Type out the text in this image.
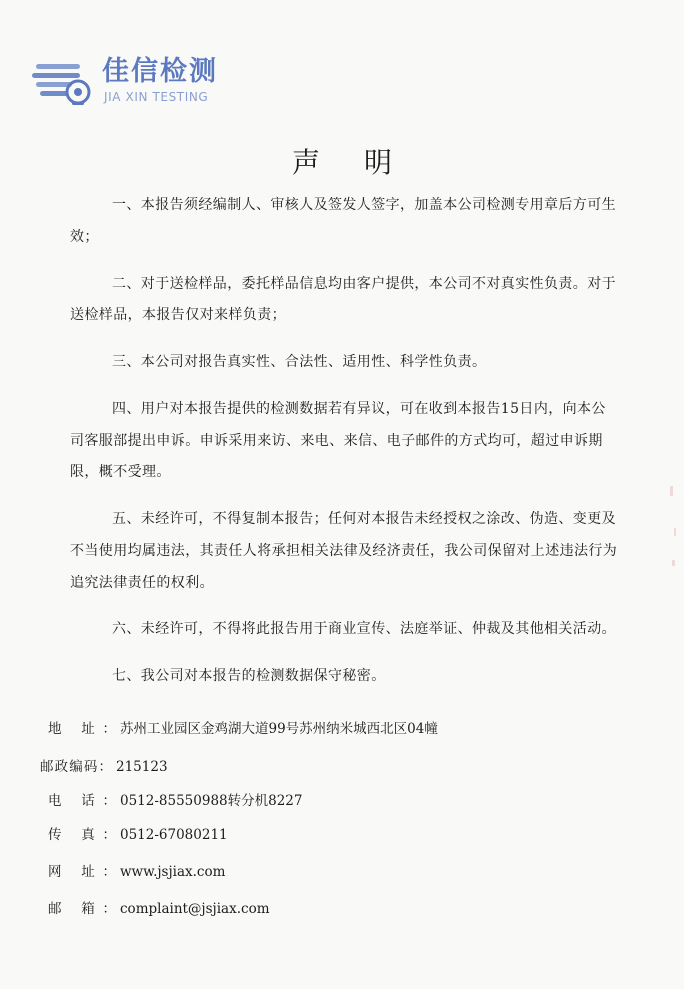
佳信检测
JIA XIN TESTING
声明

一、本报告须经编制人、审核人及签发人签字，加盖本公司检测专用章后方可生效；

二、对于送检样品，委托样品信息均由客户提供，本公司不对真实性负责。对于送检样品，本报告仅对来样负责；

三、本公司对报告真实性、合法性、适用性、科学性负责。

四、用户对本报告提供的检测数据若有异议，可在收到本报告15日内，向本公司客服部提出申诉。申诉采用来访、来电、来信、电子邮件的方式均可，超过申诉期限，概不受理。

五、未经许可，不得复制本报告；任何对本报告未经授权之涂改、伪造、变更及不当使用均属违法，其责任人将承担相关法律及经济责任，我公司保留对上述违法行为追究法律责任的权利。

六、未经许可，不得将此报告用于商业宣传、法庭举证、仲裁及其他相关活动。

七、我公司对本报告的检测数据保守秘密。

地 址： 苏州工业园区金鸡湖大道99号苏州纳米城西北区04幢
邮政编码： 215123
电 话： 0512-85550988转分机8227
传 真： 0512-67080211
网 址： www.jsjiax.com
邮 箱： complaint@jsjiax.com
